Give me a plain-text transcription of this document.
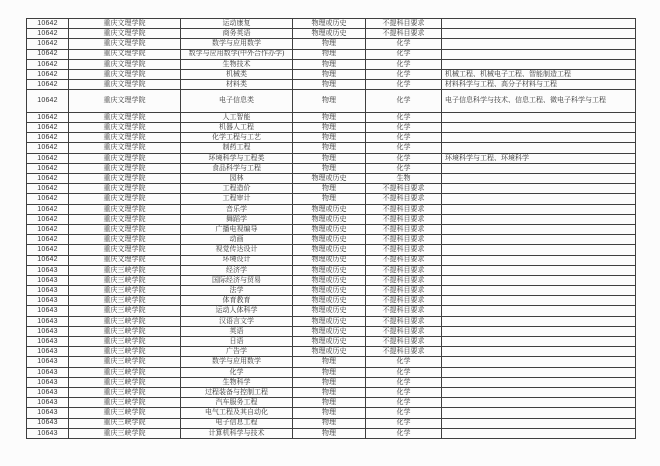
10642	重庆文理学院	运动康复	物理或历史	不提科目要求	
10642	重庆文理学院	商务英语	物理或历史	不提科目要求	
10642	重庆文理学院	数学与应用数学	物理	化学	
10642	重庆文理学院	数学与应用数学(中外合作办学)	物理	化学	
10642	重庆文理学院	生物技术	物理	化学	
10642	重庆文理学院	机械类	物理	化学	机械工程、机械电子工程、智能制造工程
10642	重庆文理学院	材料类	物理	化学	材料科学与工程、高分子材料与工程
10642	重庆文理学院	电子信息类	物理	化学	电子信息科学与技术、信息工程、微电子科学与工程
10642	重庆文理学院	人工智能	物理	化学	
10642	重庆文理学院	机器人工程	物理	化学	
10642	重庆文理学院	化学工程与工艺	物理	化学	
10642	重庆文理学院	制药工程	物理	化学	
10642	重庆文理学院	环境科学与工程类	物理	化学	环境科学与工程、环境科学
10642	重庆文理学院	食品科学与工程	物理	化学	
10642	重庆文理学院	园林	物理或历史	生物	
10642	重庆文理学院	工程造价	物理	不提科目要求	
10642	重庆文理学院	工程审计	物理	不提科目要求	
10642	重庆文理学院	音乐学	物理或历史	不提科目要求	
10642	重庆文理学院	舞蹈学	物理或历史	不提科目要求	
10642	重庆文理学院	广播电视编导	物理或历史	不提科目要求	
10642	重庆文理学院	动画	物理或历史	不提科目要求	
10642	重庆文理学院	视觉传达设计	物理或历史	不提科目要求	
10642	重庆文理学院	环境设计	物理或历史	不提科目要求	
10643	重庆三峡学院	经济学	物理或历史	不提科目要求	
10643	重庆三峡学院	国际经济与贸易	物理或历史	不提科目要求	
10643	重庆三峡学院	法学	物理或历史	不提科目要求	
10643	重庆三峡学院	体育教育	物理或历史	不提科目要求	
10643	重庆三峡学院	运动人体科学	物理或历史	不提科目要求	
10643	重庆三峡学院	汉语言文学	物理或历史	不提科目要求	
10643	重庆三峡学院	英语	物理或历史	不提科目要求	
10643	重庆三峡学院	日语	物理或历史	不提科目要求	
10643	重庆三峡学院	广告学	物理或历史	不提科目要求	
10643	重庆三峡学院	数学与应用数学	物理	化学	
10643	重庆三峡学院	化学	物理	化学	
10643	重庆三峡学院	生物科学	物理	化学	
10643	重庆三峡学院	过程装备与控制工程	物理	化学	
10643	重庆三峡学院	汽车服务工程	物理	化学	
10643	重庆三峡学院	电气工程及其自动化	物理	化学	
10643	重庆三峡学院	电子信息工程	物理	化学	
10643	重庆三峡学院	计算机科学与技术	物理	化学	
